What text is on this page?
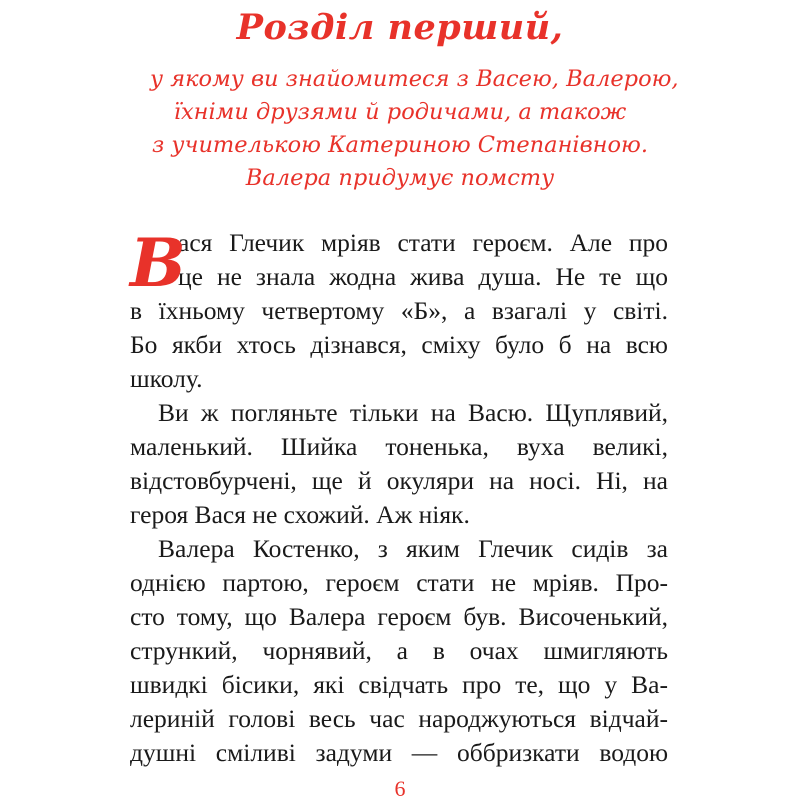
Розділ перший,
у якому ви знайомитеся з Васею, Валерою,
їхніми друзями й родичами, а також
з учителькою Катериною Степанівною.
Валера придумує помсту
В
ася Глечик мріяв стати героєм. Але про
це не знала жодна жива душа. Не те що
в їхньому четвертому «Б», а взагалі у світі.
Бо якби хтось дізнався, сміху було б на всю
школу.
Ви ж погляньте тільки на Васю. Щуплявий,
маленький. Шийка тоненька, вуха великі,
відстовбурчені, ще й окуляри на носі. Ні, на
героя Вася не схожий. Аж ніяк.
Валера Костенко, з яким Глечик сидів за
однією партою, героєм стати не мріяв. Про-
сто тому, що Валера героєм був. Височенький,
стрункий, чорнявий, а в очах шмигляють
швидкі бісики, які свідчать про те, що у Ва-
лериній голові весь час народжуються відчай-
душні сміливі задуми — оббризкати водою
6
